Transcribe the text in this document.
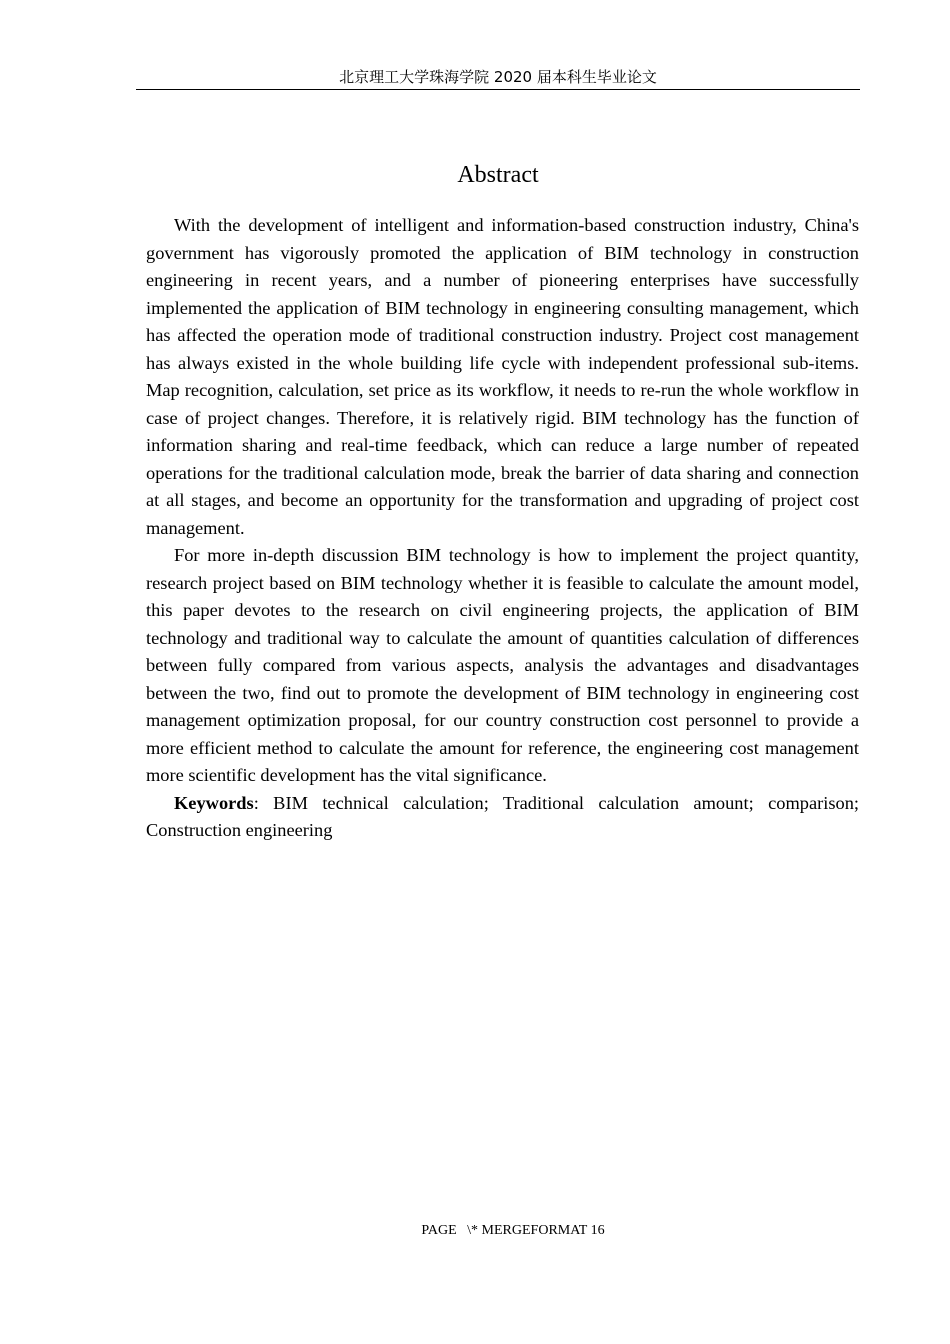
北京理工大学珠海学院 2020 届本科生毕业论文
Abstract

With the development of intelligent and information-based construction industry, China's government has vigorously promoted the application of BIM technology in construction engineering in recent years, and a number of pioneering enterprises have successfully implemented the application of BIM technology in engineering consulting management, which has affected the operation mode of traditional construction industry. Project cost management has always existed in the whole building life cycle with independent professional sub-items. Map recognition, calculation, set price as its workflow, it needs to re-run the whole workflow in case of project changes. Therefore, it is relatively rigid. BIM technology has the function of information sharing and real-time feedback, which can reduce a large number of repeated operations for the traditional calculation mode, break the barrier of data sharing and connection at all stages, and become an opportunity for the transformation and upgrading of project cost management.

For more in-depth discussion BIM technology is how to implement the project quantity, research project based on BIM technology whether it is feasible to calculate the amount model, this paper devotes to the research on civil engineering projects, the application of BIM technology and traditional way to calculate the amount of quantities calculation of differences between fully compared from various aspects, analysis the advantages and disadvantages between the two, find out to promote the development of BIM technology in engineering cost management optimization proposal, for our country construction cost personnel to provide a more efficient method to calculate the amount for reference, the engineering cost management more scientific development has the vital significance.

Keywords: BIM technical calculation; Traditional calculation amount; comparison; Construction engineering

PAGE   \* MERGEFORMAT 16
